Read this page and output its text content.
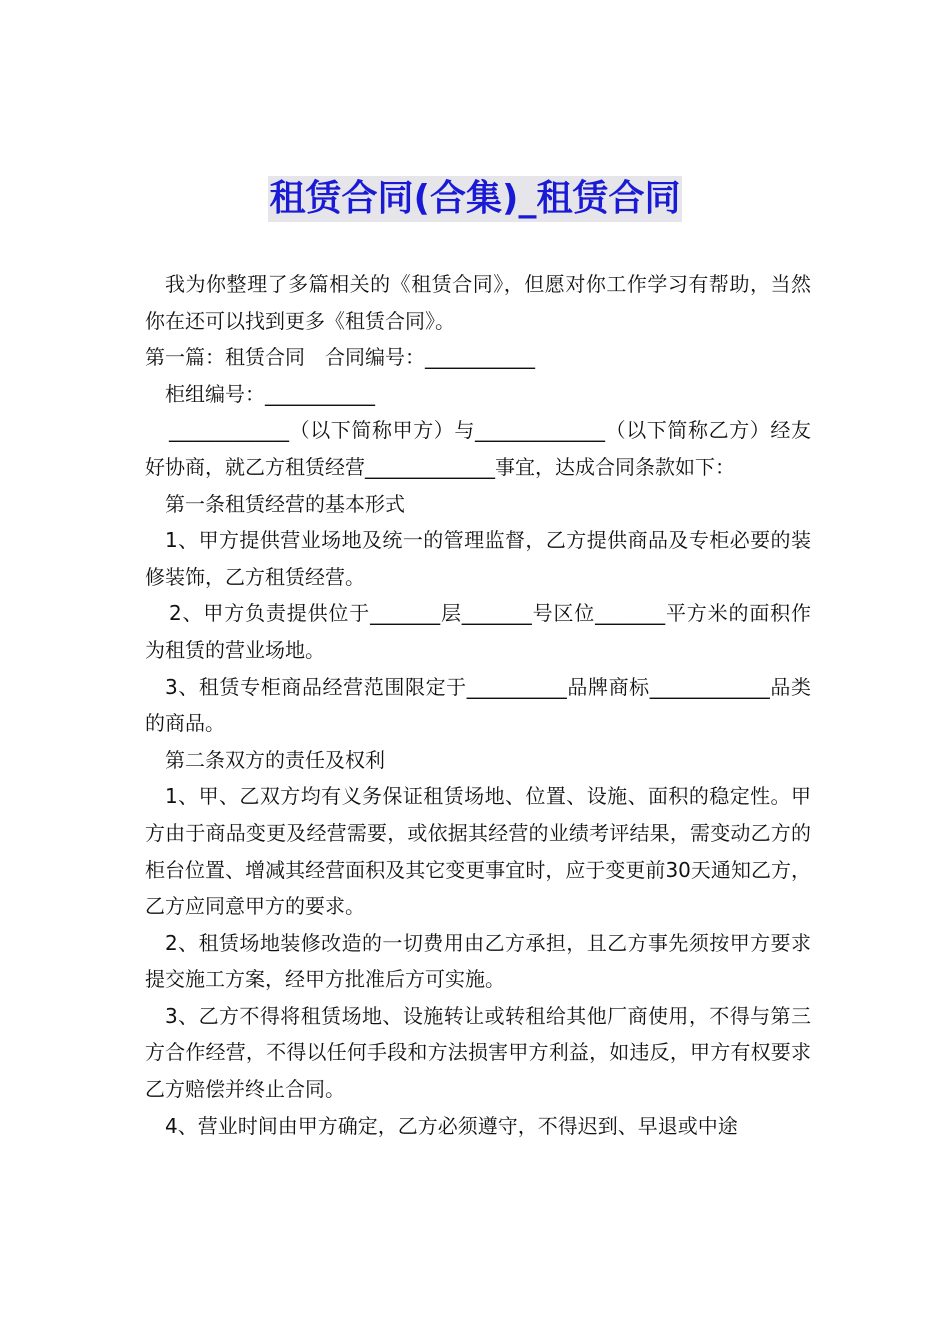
租赁合同(合集)_租赁合同

我为你整理了多篇相关的《租赁合同》，但愿对你工作学习有帮助，当然你在还可以找到更多《租赁合同》。

第一篇：租赁合同　合同编号：___________

柜组编号：___________

____________（以下简称甲方）与_____________（以下简称乙方）经友好协商，就乙方租赁经营_____________事宜，达成合同条款如下：

第一条租赁经营的基本形式

1、甲方提供营业场地及统一的管理监督，乙方提供商品及专柜必要的装修装饰，乙方租赁经营。

2、甲方负责提供位于_______层_______号区位_______平方米的面积作为租赁的营业场地。

3、租赁专柜商品经营范围限定于__________品牌商标____________品类的商品。

第二条双方的责任及权利

1、甲、乙双方均有义务保证租赁场地、位置、设施、面积的稳定性。甲方由于商品变更及经营需要，或依据其经营的业绩考评结果，需变动乙方的柜台位置、增减其经营面积及其它变更事宜时，应于变更前30天通知乙方，乙方应同意甲方的要求。

2、租赁场地装修改造的一切费用由乙方承担，且乙方事先须按甲方要求提交施工方案，经甲方批准后方可实施。

3、乙方不得将租赁场地、设施转让或转租给其他厂商使用，不得与第三方合作经营，不得以任何手段和方法损害甲方利益，如违反，甲方有权要求乙方赔偿并终止合同。

4、营业时间由甲方确定，乙方必须遵守，不得迟到、早退或中途
